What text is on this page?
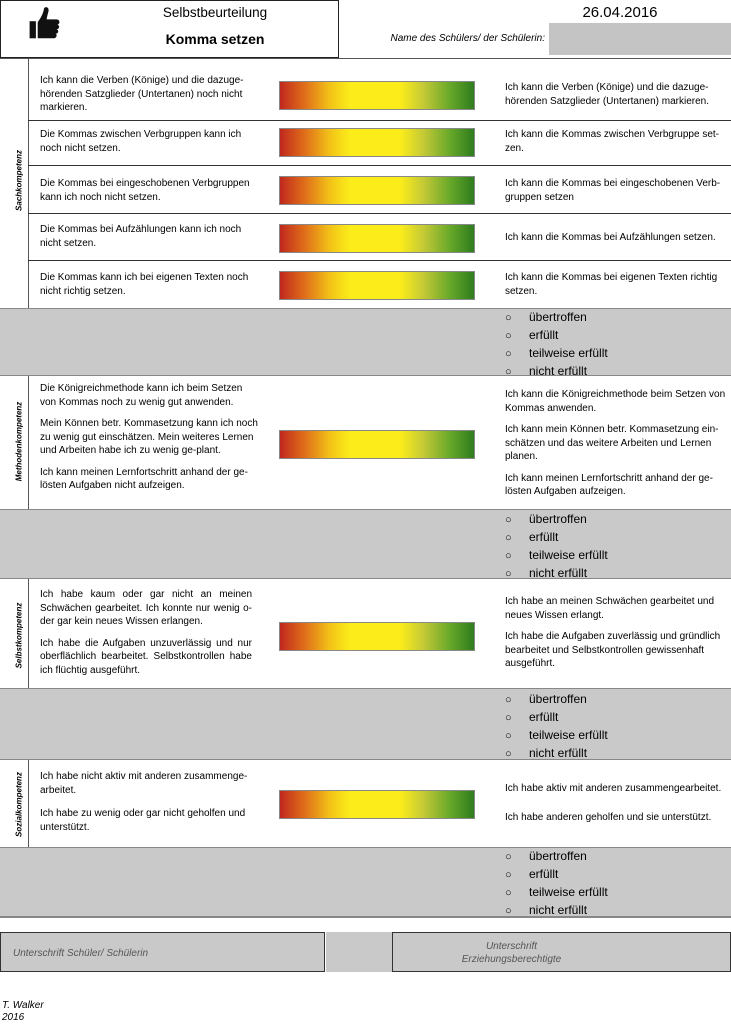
Selbstbeurteilung
Komma setzen
26.04.2016
Name des Schülers/ der Schülerin:
Sachkompetenz
Ich kann die Verben (Könige) und die dazuge-hörenden Satzglieder (Untertanen) noch nicht markieren.
Ich kann die Verben (Könige) und die dazuge-hörenden Satzglieder (Untertanen) markieren.
Die Kommas zwischen Verbgruppen kann ich noch nicht setzen.
Ich kann die Kommas zwischen Verbgruppe set-zen.
Die Kommas bei eingeschobenen Verbgruppen kann ich noch nicht setzen.
Ich kann die Kommas bei eingeschobenen Verb-gruppen setzen
Die Kommas bei Aufzählungen kann ich noch nicht setzen.	Ich kann die Kommas bei Aufzählungen setzen.
Die Kommas kann ich bei eigenen Texten noch nicht richtig setzen.
Ich kann die Kommas bei eigenen Texten richtig setzen.
○ übertroffen
○ erfüllt
○ teilweise erfüllt
○ nicht erfüllt
Methodenkompetenz

Die Königreichmethode kann ich beim Setzen von Kommas noch zu wenig gut anwenden.

Mein Können betr. Kommasetzung kann ich noch zu wenig gut einschätzen. Mein weiteres Lernen und Arbeiten habe ich zu wenig ge-plant.

Ich kann meinen Lernfortschritt anhand der ge-lösten Aufgaben nicht aufzeigen.

Ich kann die Königreichmethode beim Setzen von Kommas anwenden.

Ich kann mein Können betr. Kommasetzung ein-schätzen und das weitere Arbeiten und Lernen planen.

Ich kann meinen Lernfortschritt anhand der ge-lösten Aufgaben aufzeigen.

○ übertroffen
○ erfüllt
○ teilweise erfüllt
○ nicht erfüllt
Selbstkompetenz

Ich habe kaum oder gar nicht an meinen Schwächen gearbeitet. Ich konnte nur wenig o-der gar kein neues Wissen erlangen.

Ich habe die Aufgaben unzuverlässig und nur oberflächlich bearbeitet. Selbstkontrollen habe ich flüchtig ausgeführt.

Ich habe an meinen Schwächen gearbeitet und neues Wissen erlangt.

Ich habe die Aufgaben zuverlässig und gründlich bearbeitet und Selbstkontrollen gewissenhaft ausgeführt.

○ übertroffen
○ erfüllt
○ teilweise erfüllt
○ nicht erfüllt
Sozialkompetenz Ich habe nicht aktiv mit anderen zusammenge-arbeitet.

Ich habe zu wenig oder gar nicht geholfen und unterstützt.

Ich habe aktiv mit anderen zusammengearbeitet.

Ich habe anderen geholfen und sie unterstützt.

○ übertroffen
○ erfüllt
○ teilweise erfüllt
○ nicht erfüllt
Unterschrift Schüler/ Schülerin
Unterschrift
Erziehungsberechtigte
T. Walker
2016
